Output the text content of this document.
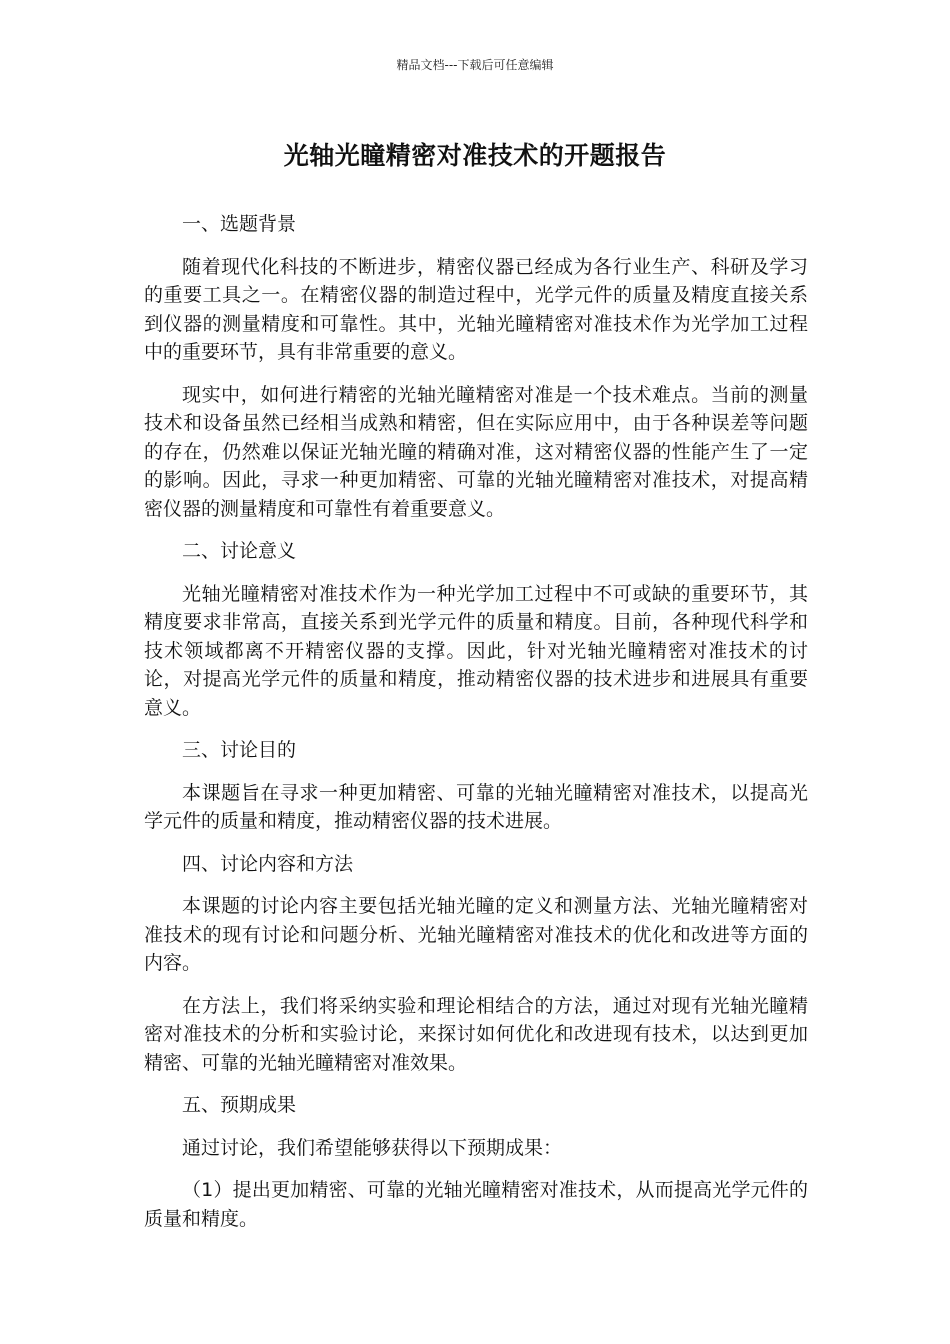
精品文档---下载后可任意编辑
光轴光瞳精密对准技术的开题报告
一、选题背景

随着现代化科技的不断进步，精密仪器已经成为各行业生产、科研及学习的重要工具之一。在精密仪器的制造过程中，光学元件的质量及精度直接关系到仪器的测量精度和可靠性。其中，光轴光瞳精密对准技术作为光学加工过程中的重要环节，具有非常重要的意义。

现实中，如何进行精密的光轴光瞳精密对准是一个技术难点。当前的测量技术和设备虽然已经相当成熟和精密，但在实际应用中，由于各种误差等问题的存在，仍然难以保证光轴光瞳的精确对准，这对精密仪器的性能产生了一定的影响。因此，寻求一种更加精密、可靠的光轴光瞳精密对准技术，对提高精密仪器的测量精度和可靠性有着重要意义。

二、讨论意义

光轴光瞳精密对准技术作为一种光学加工过程中不可或缺的重要环节，其精度要求非常高，直接关系到光学元件的质量和精度。目前，各种现代科学和技术领域都离不开精密仪器的支撑。因此，针对光轴光瞳精密对准技术的讨论，对提高光学元件的质量和精度，推动精密仪器的技术进步和进展具有重要意义。

三、讨论目的

本课题旨在寻求一种更加精密、可靠的光轴光瞳精密对准技术，以提高光学元件的质量和精度，推动精密仪器的技术进展。

四、讨论内容和方法

本课题的讨论内容主要包括光轴光瞳的定义和测量方法、光轴光瞳精密对准技术的现有讨论和问题分析、光轴光瞳精密对准技术的优化和改进等方面的内容。

在方法上，我们将采纳实验和理论相结合的方法，通过对现有光轴光瞳精密对准技术的分析和实验讨论，来探讨如何优化和改进现有技术，以达到更加精密、可靠的光轴光瞳精密对准效果。

五、预期成果

通过讨论，我们希望能够获得以下预期成果：

（1）提出更加精密、可靠的光轴光瞳精密对准技术，从而提高光学元件的质量和精度。
